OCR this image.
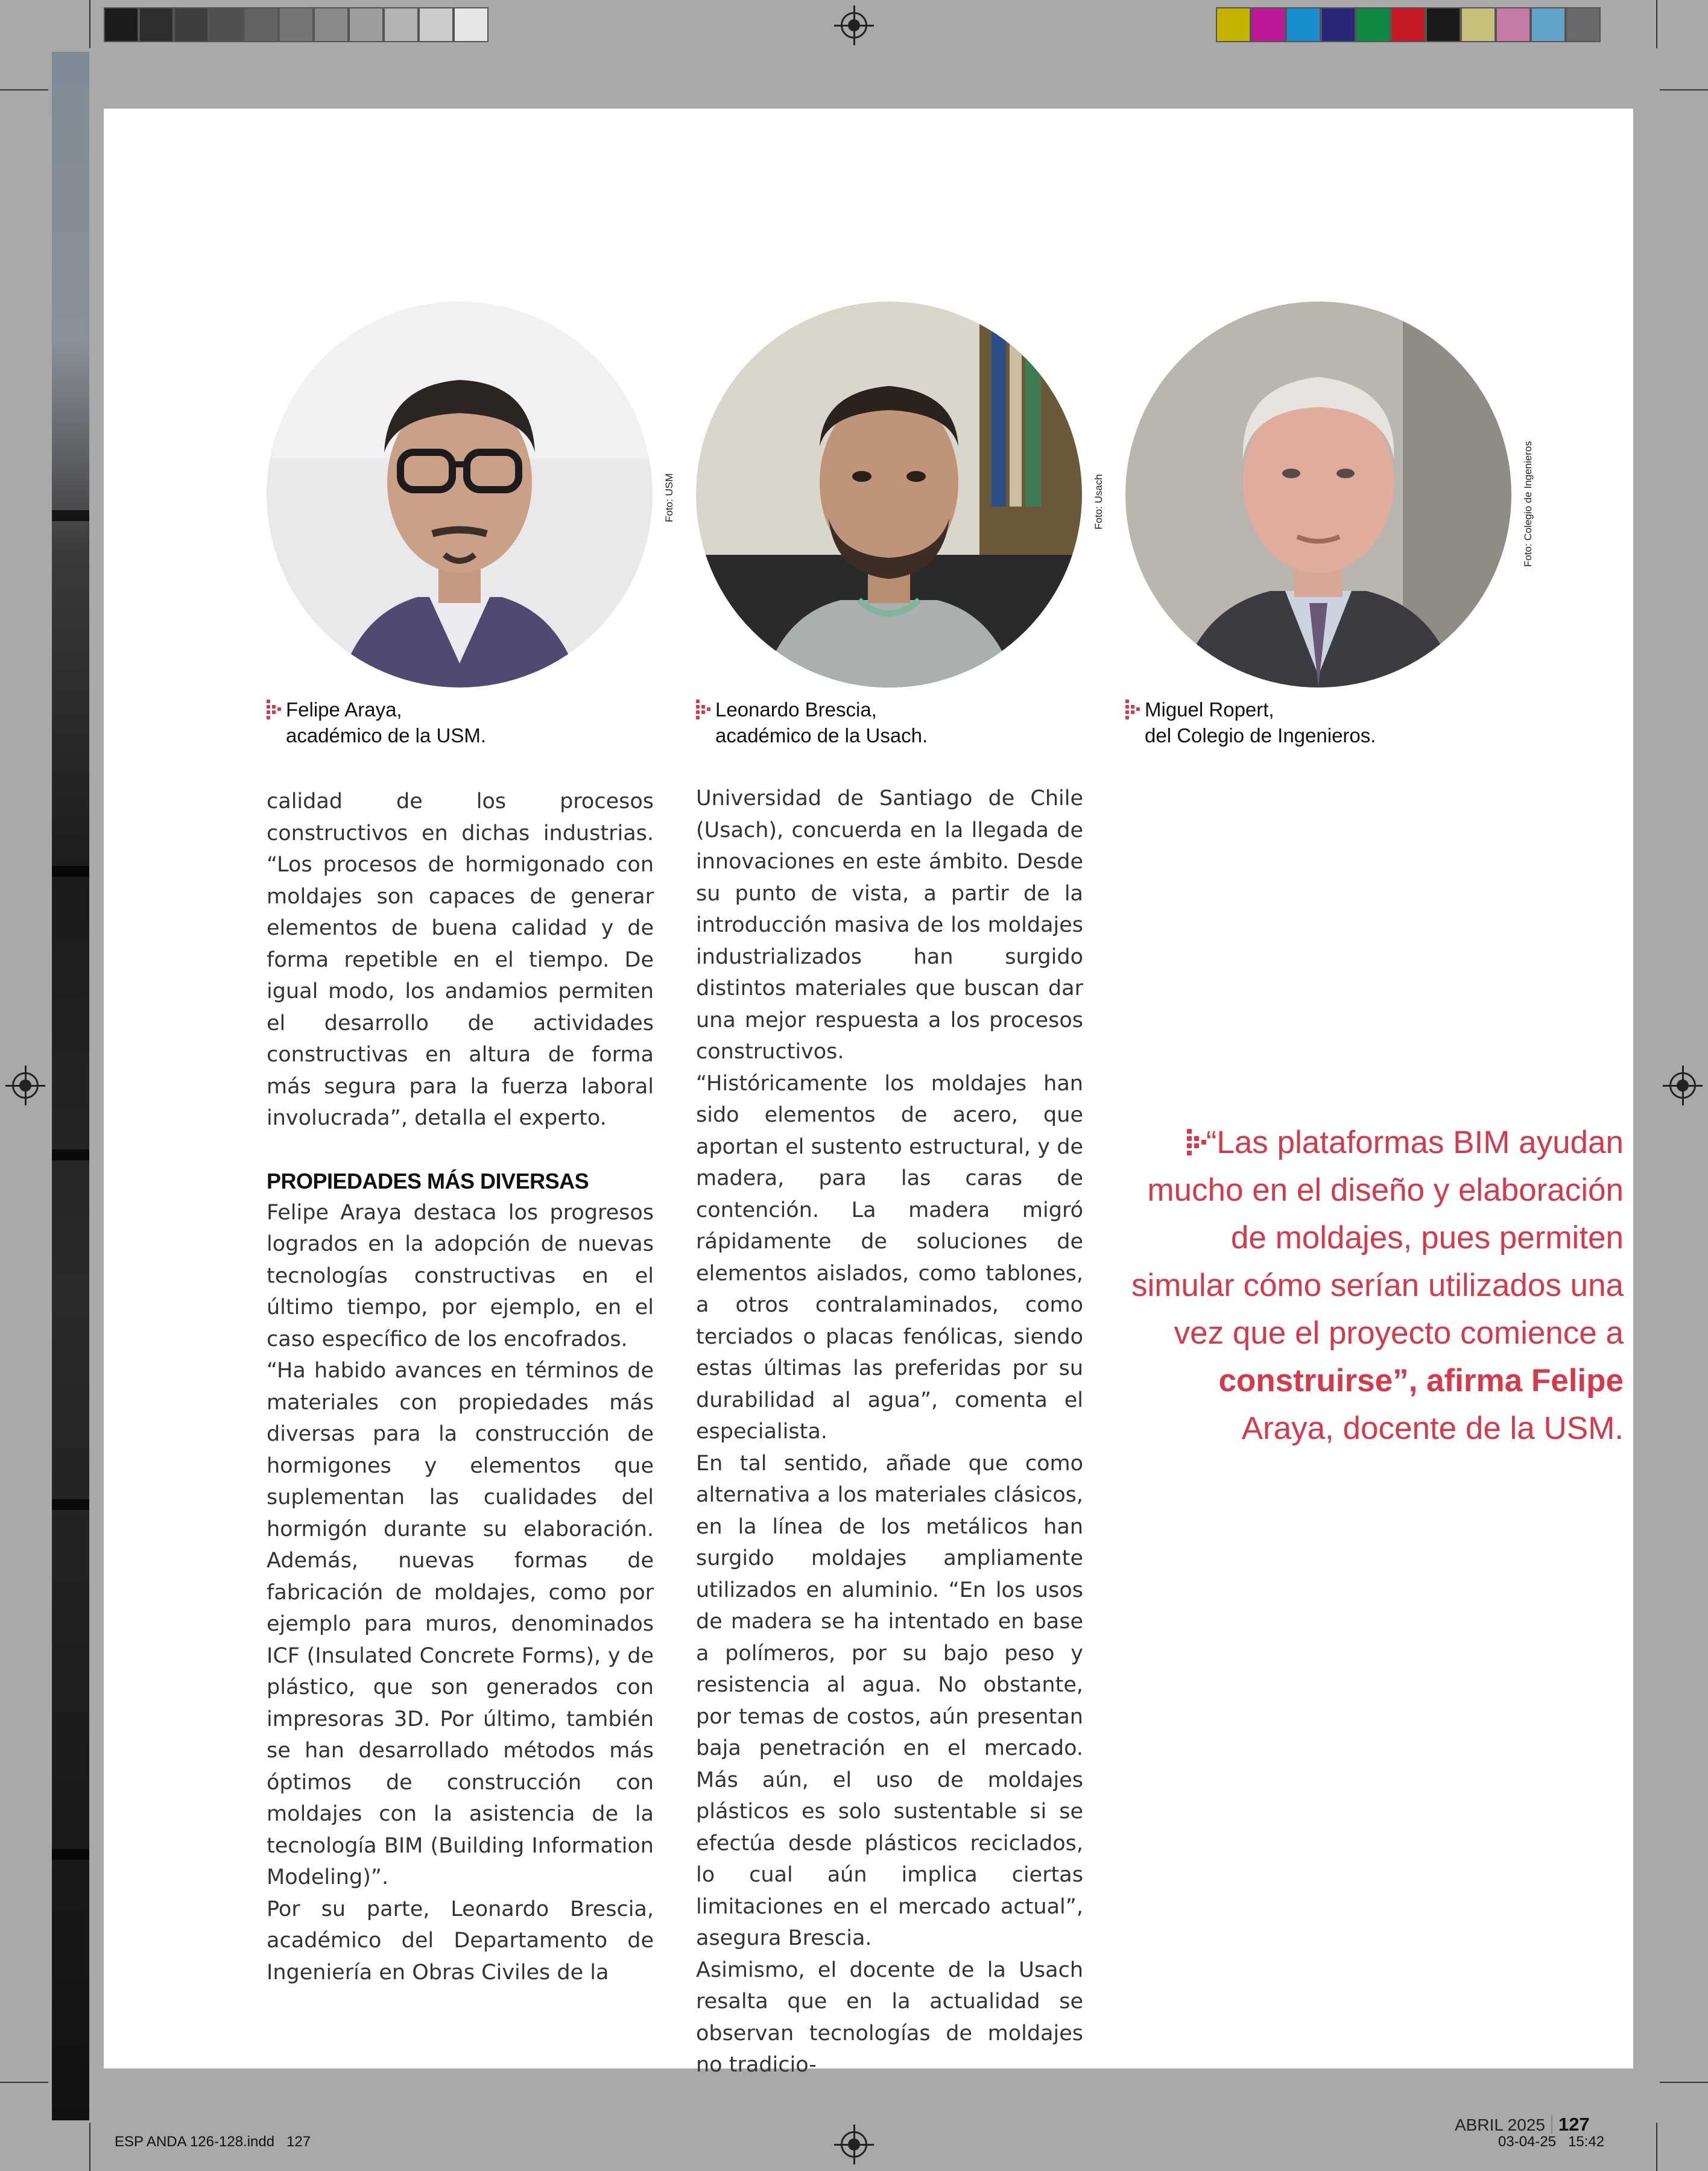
ESP ANDA 126-128.indd   127	03-04-25   15:42
Foto: USM	Foto: Usach	Foto: Colegio de Ingenieros
Felipe Araya,
académico de la USM.
Leonardo Brescia,
académico de la Usach.
Miguel Ropert,
del Colegio de Ingenieros.

calidad de los procesos constructivos en dichas industrias. “Los procesos de hormigonado con moldajes son capaces de generar elementos de buena calidad y de forma repetible en el tiempo. De igual modo, los andamios permiten el desarrollo de actividades constructivas en altura de forma más segura para la fuerza laboral involucrada”, detalla el experto.

PROPIEDADES MÁS DIVERSAS

Felipe Araya destaca los progresos logrados en la adopción de nuevas tecnologías constructivas en el último tiempo, por ejemplo, en el caso específico de los encofrados.

“Ha habido avances en términos de materiales con propiedades más diversas para la construcción de hormigones y elementos que suplementan las cualidades del hormigón durante su elaboración. Además, nuevas formas de fabricación de moldajes, como por ejemplo para muros, denominados ICF (Insulated Concrete Forms), y de plástico, que son generados con impresoras 3D. Por último, también se han desarrollado métodos más óptimos de construcción con moldajes con la asistencia de la tecnología BIM (Building Information Modeling)”.

Por su parte, Leonardo Brescia, académico del Departamento de Ingeniería en Obras Civiles de la

Universidad de Santiago de Chile (Usach), concuerda en la llegada de innovaciones en este ámbito. Desde su punto de vista, a partir de la introducción masiva de los moldajes industrializados han surgido distintos materiales que buscan dar una mejor respuesta a los procesos constructivos.

“Históricamente los moldajes han sido elementos de acero, que aportan el sustento estructural, y de madera, para las caras de contención. La madera migró rápidamente de soluciones de elementos aislados, como tablones, a otros contralaminados, como terciados o placas fenólicas, siendo estas últimas las preferidas por su durabilidad al agua”, comenta el especialista.

En tal sentido, añade que como alternativa a los materiales clásicos, en la línea de los metálicos han surgido moldajes ampliamente utilizados en aluminio. “En los usos de madera se ha intentado en base a polímeros, por su bajo peso y resistencia al agua. No obstante, por temas de costos, aún presentan baja penetración en el mercado. Más aún, el uso de moldajes plásticos es solo sustentable si se efectúa desde plásticos reciclados, lo cual aún implica ciertas limitaciones en el mercado actual”, asegura Brescia.

Asimismo, el docente de la Usach resalta que en la actualidad se observan tecnologías de moldajes no tradicio-

“Las plataformas BIM ayudan mucho en el diseño y elaboración de moldajes, pues permiten simular cómo serían utilizados una vez que el proyecto comience a construirse”, afirma Felipe Araya, docente de la USM.
ABRIL 2025 127
